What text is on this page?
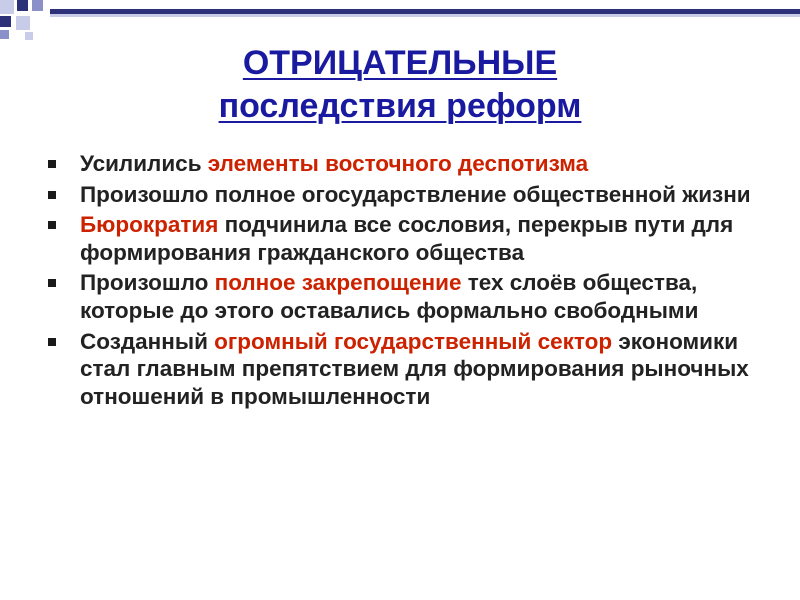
ОТРИЦАТЕЛЬНЫЕ
последствия реформ
Усилились элементы восточного деспотизма
Произошло полное огосударствление общественной жизни
Бюрократия подчинила все сословия, перекрыв пути для формирования гражданского общества
Произошло полное закрепощение тех слоёв общества, которые до этого оставались формально свободными
Созданный огромный государственный сектор экономики стал главным препятствием для формирования рыночных отношений в промышленности
